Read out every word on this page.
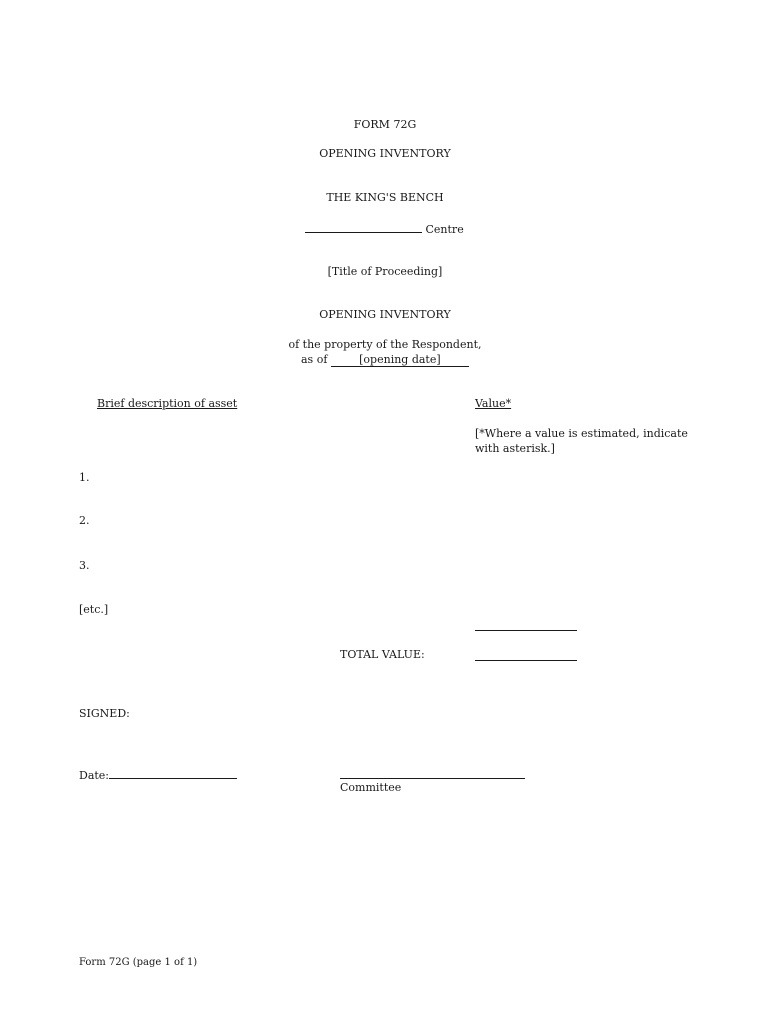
FORM 72G
OPENING INVENTORY
THE KING'S BENCH
Centre
[Title of Proceeding]
OPENING INVENTORY
of the property of the Respondent,
as of	[opening date]
Brief description of asset	Value*
[*Where a value is estimated, indicate with asterisk.]
1.
2.
3.
[etc.]
TOTAL VALUE:
SIGNED:
Date:
Committee
Form 72G (page 1 of 1)
